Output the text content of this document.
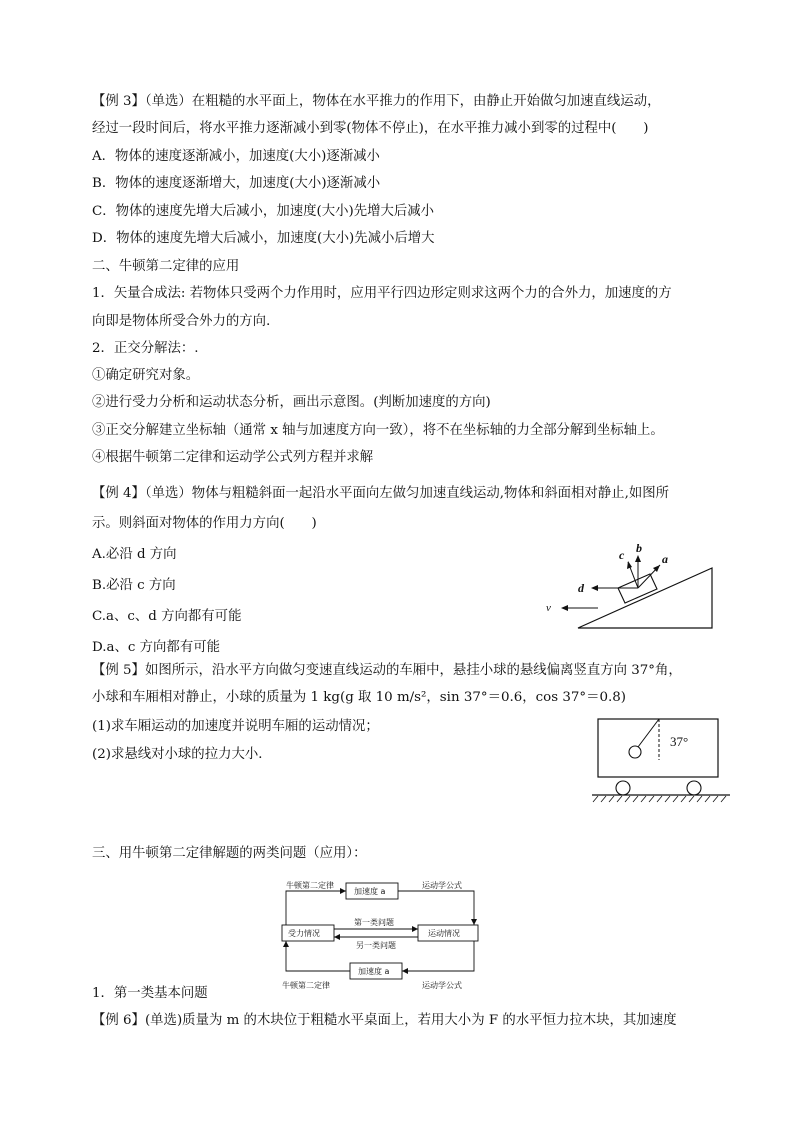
【例 3】（单选）在粗糙的水平面上，物体在水平推力的作用下，由静止开始做匀加速直线运动，

经过一段时间后，将水平推力逐渐减小到零(物体不停止)，在水平推力减小到零的过程中(　　)

A．物体的速度逐渐减小，加速度(大小)逐渐减小

B．物体的速度逐渐增大，加速度(大小)逐渐减小

C．物体的速度先增大后减小，加速度(大小)先增大后减小

D．物体的速度先增大后减小，加速度(大小)先减小后增大

二、牛顿第二定律的应用

1．矢量合成法: 若物体只受两个力作用时，应用平行四边形定则求这两个力的合外力，加速度的方

向即是物体所受合外力的方向．

2．正交分解法：.

①确定研究对象。

②进行受力分析和运动状态分析，画出示意图。(判断加速度的方向)

③正交分解建立坐标轴（通常 x 轴与加速度方向一致），将不在坐标轴的力全部分解到坐标轴上。

④根据牛顿第二定律和运动学公式列方程并求解

【例 4】（单选）物体与粗糙斜面一起沿水平面向左做匀加速直线运动,物体和斜面相对静止,如图所

示。则斜面对物体的作用力方向(　　)

A.必沿 d 方向

B.必沿 c 方向

C.a、c、d 方向都有可能

D.a、c 方向都有可能

a
b
c
d
v

【例 5】如图所示，沿水平方向做匀变速直线运动的车厢中，悬挂小球的悬线偏离竖直方向 37°角，

小球和车厢相对静止，小球的质量为 1 kg(g 取 10 m/s²，sin 37°＝0.6，cos 37°＝0.8)

(1)求车厢运动的加速度并说明车厢的运动情况；

(2)求悬线对小球的拉力大小．

37°

三、用牛顿第二定律解题的两类问题（应用）：

加速度 a
受力情况	运动情况
加速度 a
第一类问题
另一类问题
牛顿第二定律	运动学公式
牛顿第二定律	运动学公式

1．第一类基本问题

【例 6】(单选)质量为 m 的木块位于粗糙水平桌面上，若用大小为 F 的水平恒力拉木块，其加速度
